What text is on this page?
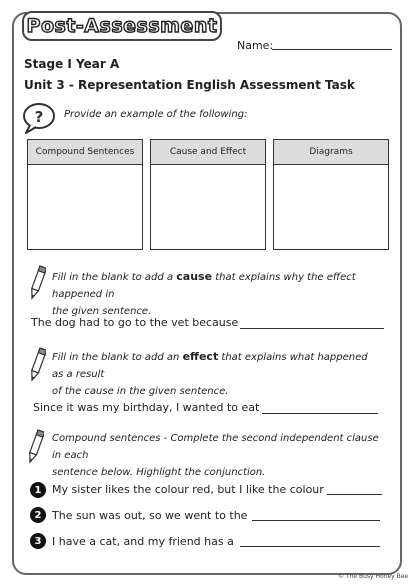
Post-Assessment
Name:
Stage I Year A
Unit 3 - Representation English Assessment Task
? Provide an example of the following:
Compound Sentences	Cause and Effect	Diagrams
Fill in the blank to add a cause that explains why the effect happened in
the given sentence.
The dog had to go to the vet because
Fill in the blank to add an effect that explains what happened as a result
of the cause in the given sentence.
Since it was my birthday, I wanted to eat
Compound sentences - Complete the second independent clause in each
sentence below. Highlight the conjunction.
1 My sister likes the colour red, but I like the colour
2 The sun was out, so we went to the
3 I have a cat, and my friend has a
© The Busy Honey Bee
